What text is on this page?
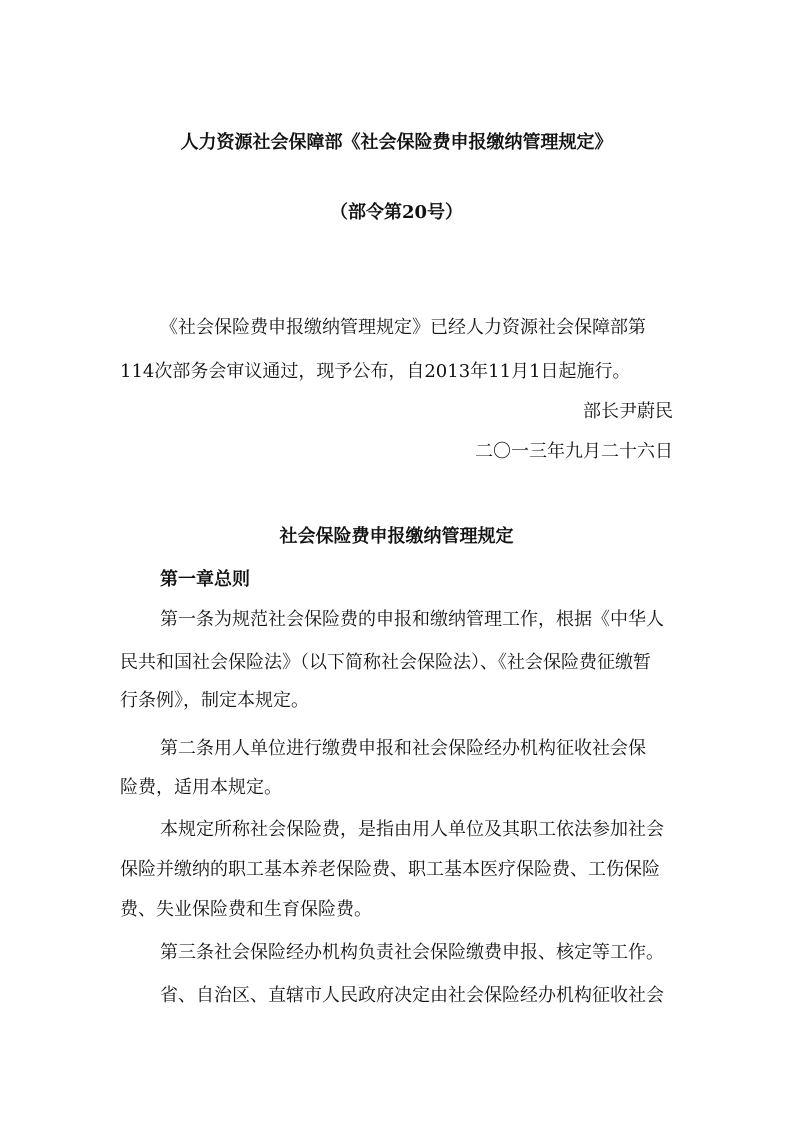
人力资源社会保障部《社会保险费申报缴纳管理规定》
（部令第20号）
《社会保险费申报缴纳管理规定》已经人力资源社会保障部第
114次部务会审议通过，现予公布，自2013年11月1日起施行。
部长尹蔚民
二〇一三年九月二十六日
社会保险费申报缴纳管理规定
第一章总则
第一条为规范社会保险费的申报和缴纳管理工作，根据《中华人
民共和国社会保险法》（以下简称社会保险法）、《社会保险费征缴暂
行条例》，制定本规定。
第二条用人单位进行缴费申报和社会保险经办机构征收社会保
险费，适用本规定。
本规定所称社会保险费，是指由用人单位及其职工依法参加社会
保险并缴纳的职工基本养老保险费、职工基本医疗保险费、工伤保险
费、失业保险费和生育保险费。
第三条社会保险经办机构负责社会保险缴费申报、核定等工作。
省、自治区、直辖市人民政府决定由社会保险经办机构征收社会
